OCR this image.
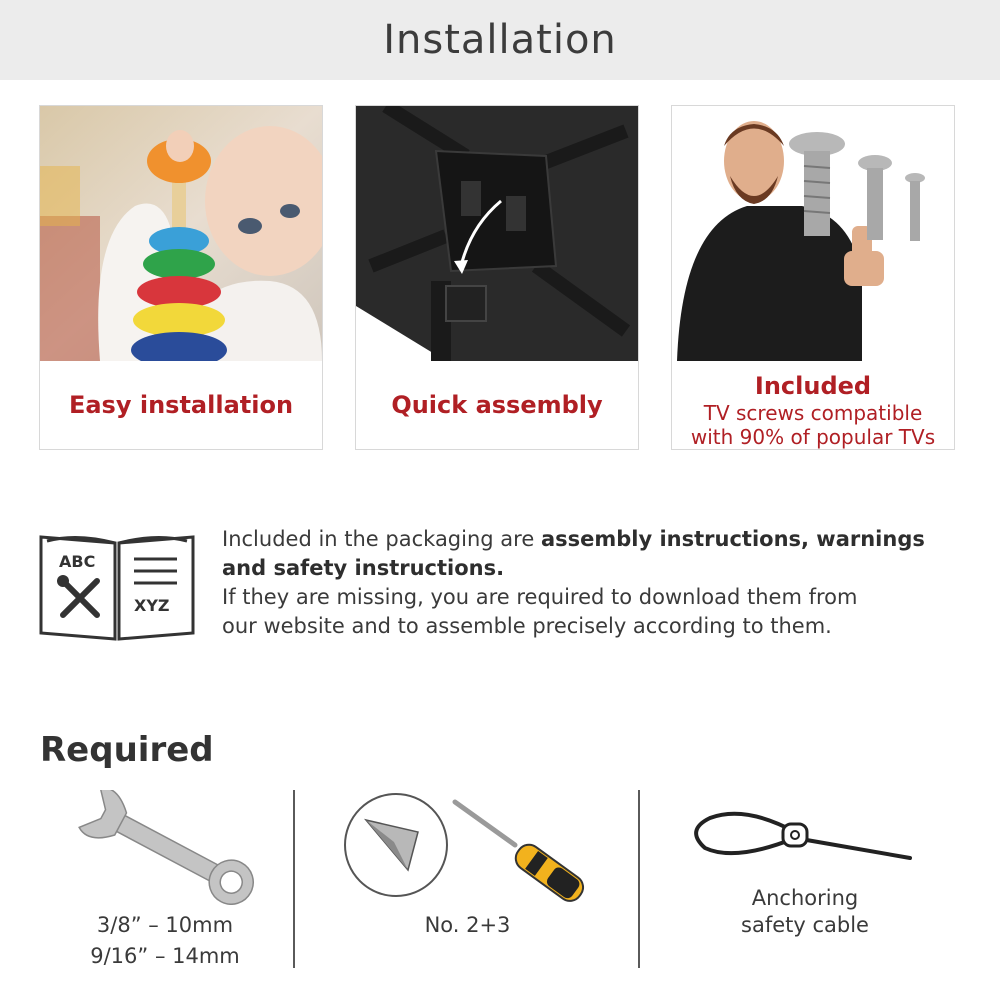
Installation
Easy installation	Quick assembly
Included
TV screws compatible
with 90% of popular TVs
ABC
XYZ
Included in the packaging are assembly instructions, warnings
and safety instructions.
If they are missing, you are required to download them from
our website and to assemble precisely according to them.
Required
3/8” – 10mm
9/16” – 14mm
No. 2+3
Anchoring
safety cable
